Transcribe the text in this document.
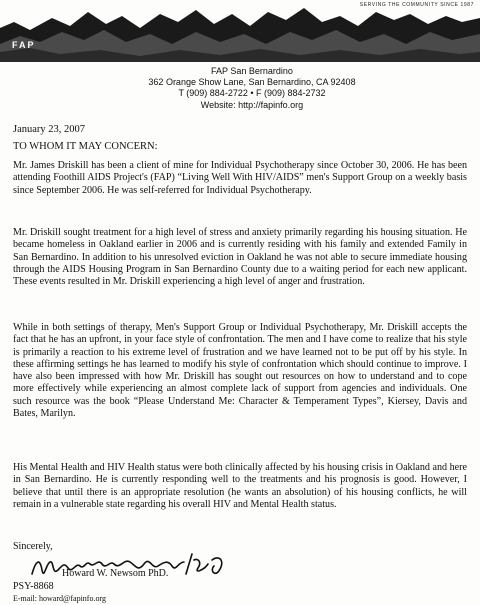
SERVING THE COMMUNITY SINCE 1987
FAP
FAP San Bernardino
362 Orange Show Lane, San Bernardino, CA 92408
T (909) 884-2722 • F (909) 884-2732
Website: http://fapinfo.org
January 23, 2007
TO WHOM IT MAY CONCERN:

Mr. James Driskill has been a client of mine for Individual Psychotherapy since October 30, 2006. He has been attending Foothill AIDS Project's (FAP) “Living Well With HIV/AIDS” men's Support Group on a weekly basis since September 2006. He was self-referred for Individual Psychotherapy.

Mr. Driskill sought treatment for a high level of stress and anxiety primarily regarding his housing situation. He became homeless in Oakland earlier in 2006 and is currently residing with his family and extended Family in San Bernardino. In addition to his unresolved eviction in Oakland he was not able to secure immediate housing through the AIDS Housing Program in San Bernardino County due to a waiting period for each new applicant. These events resulted in Mr. Driskill experiencing a high level of anger and frustration.

While in both settings of therapy, Men's Support Group or Individual Psychotherapy, Mr. Driskill accepts the fact that he has an upfront, in your face style of confrontation. The men and I have come to realize that his style is primarily a reaction to his extreme level of frustration and we have learned not to be put off by his style. In these affirming settings he has learned to modify his style of confrontation which should continue to improve. I have also been impressed with how Mr. Driskill has sought out resources on how to understand and to cope more effectively while experiencing an almost complete lack of support from agencies and individuals. One such resource was the book “Please Understand Me: Character & Temperament Types”, Kiersey, Davis and Bates, Marilyn.

His Mental Health and HIV Health status were both clinically affected by his housing crisis in Oakland and here in San Bernardino. He is currently responding well to the treatments and his prognosis is good. However, I believe that until there is an appropriate resolution (he wants an absolution) of his housing conflicts, he will remain in a vulnerable state regarding his overall HIV and Mental Health status.

Sincerely,
Howard W. Newsom PhD.
PSY-8868
E-mail: howard@fapinfo.org
